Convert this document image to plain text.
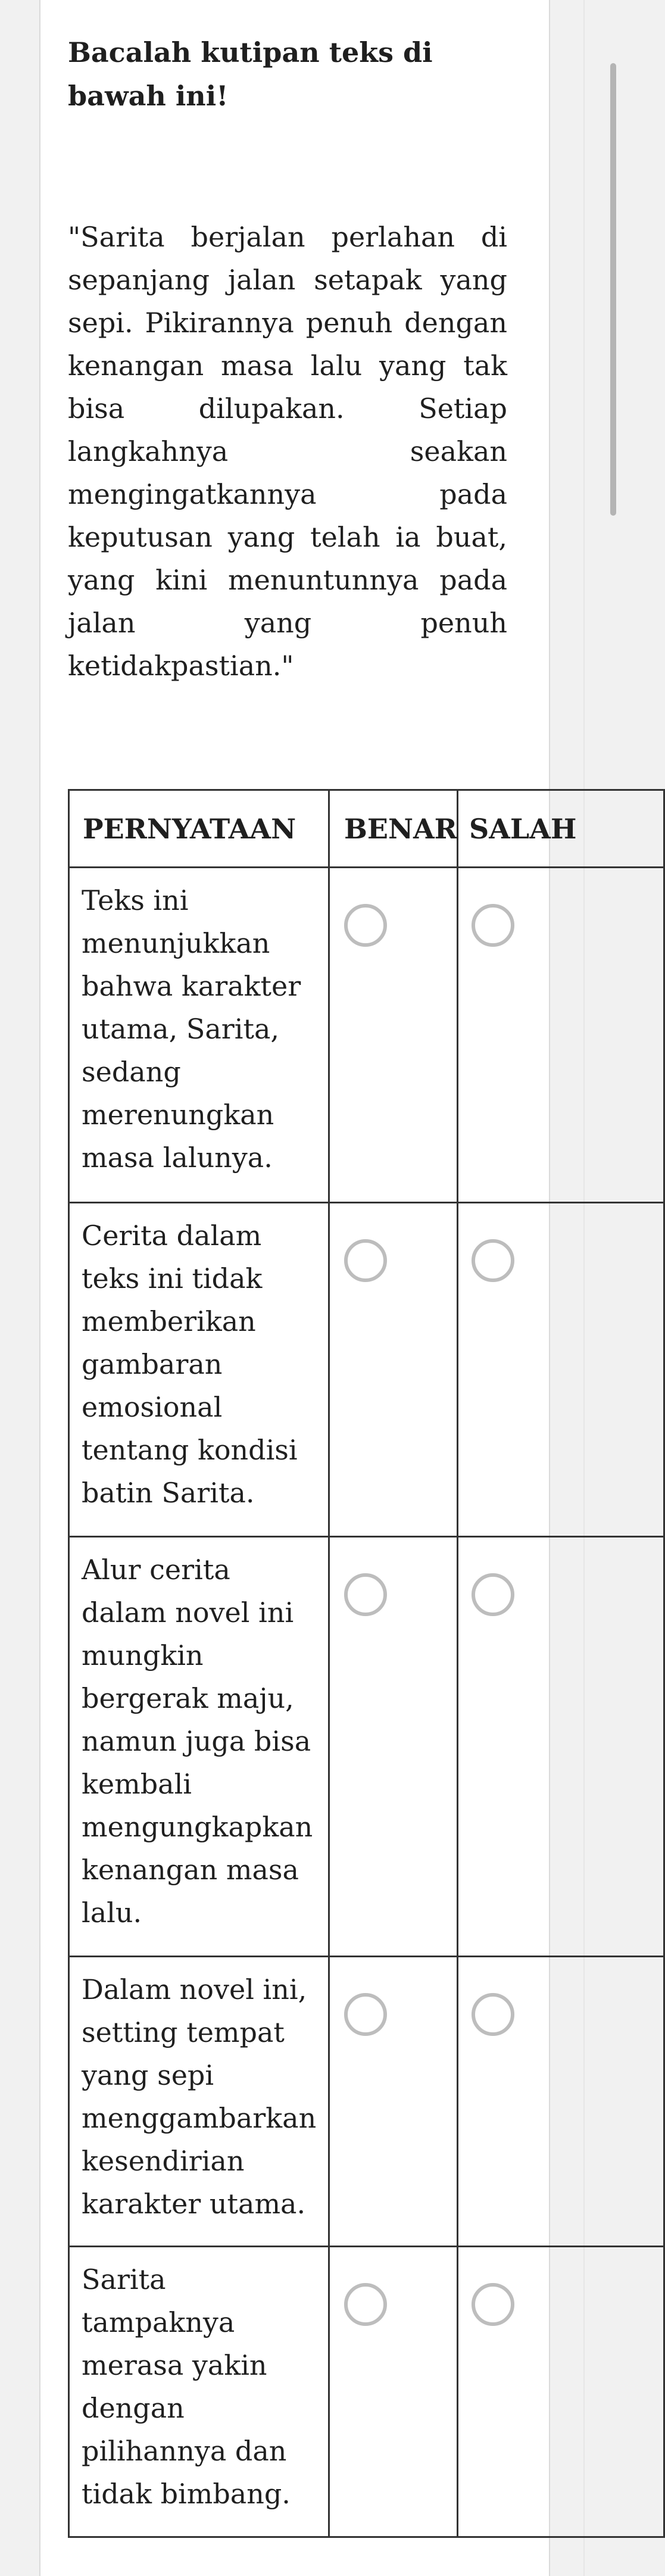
Bacalah kutipan teks di bawah ini!

"Sarita berjalan perlahan di sepanjang jalan setapak yang sepi. Pikirannya penuh dengan kenangan masa lalu yang tak bisa dilupakan. Setiap langkahnya seakan mengingatkannya pada keputusan yang telah ia buat, yang kini menuntunnya pada jalan yang penuh ketidakpastian."

PERNYATAAN	BENAR	SALAH
Teks ini menunjukkan bahwa karakter utama, Sarita, sedang merenungkan masa lalunya.	

Cerita dalam teks ini tidak memberikan gambaran emosional tentang kondisi batin Sarita.	

Alur cerita dalam novel ini mungkin bergerak maju, namun juga bisa kembali mengungkapkan kenangan masa lalu.	

Dalam novel ini, setting tempat yang sepi menggambarkan kesendirian karakter utama.	

Sarita tampaknya merasa yakin dengan pilihannya dan tidak bimbang.	
